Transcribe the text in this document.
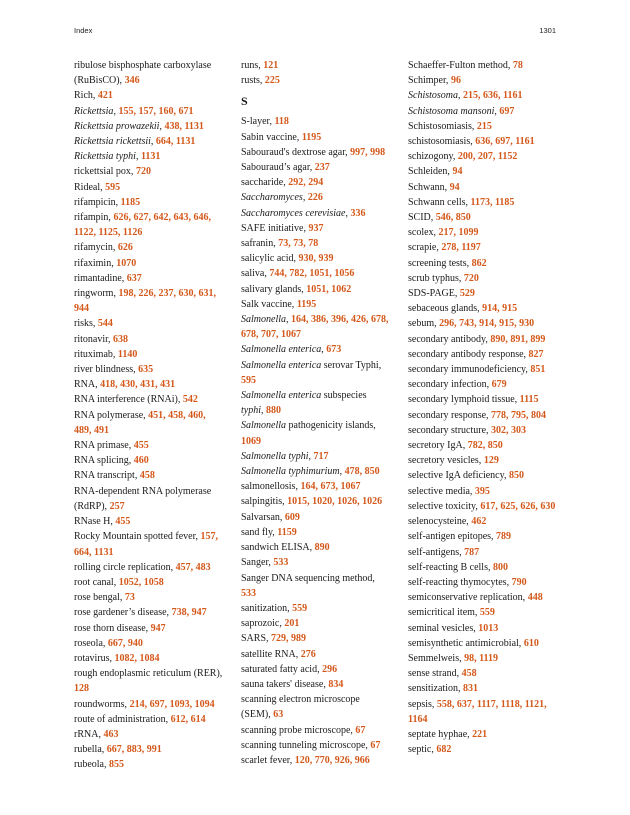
Index	1301
ribulose bisphosphate carboxylase (RuBisCO), 346
Rich, 421
Rickettsia, 155, 157, 160, 671
Rickettsia prowazekii, 438, 1131
Rickettsia rickettsii, 664, 1131
Rickettsia typhi, 1131
rickettsial pox, 720
Rideal, 595
rifampicin, 1185
rifampin, 626, 627, 642, 643, 646, 1122, 1125, 1126
rifamycin, 626
rifaximin, 1070
rimantadine, 637
ringworm, 198, 226, 237, 630, 631, 944
risks, 544
ritonavir, 638
rituximab, 1140
river blindness, 635
RNA, 418, 430, 431, 431
RNA interference (RNAi), 542
RNA polymerase, 451, 458, 460, 489, 491
RNA primase, 455
RNA splicing, 460
RNA transcript, 458
RNA-dependent RNA polymerase (RdRP), 257
RNase H, 455
Rocky Mountain spotted fever, 157, 664, 1131
rolling circle replication, 457, 483
root canal, 1052, 1058
rose bengal, 73
rose gardener’s disease, 738, 947
rose thorn disease, 947
roseola, 667, 940
rotavirus, 1082, 1084
rough endoplasmic reticulum (RER), 128
roundworms, 214, 697, 1093, 1094
route of administration, 612, 614
rRNA, 463
rubella, 667, 883, 991
rubeola, 855
runs, 121
rusts, 225
S
S-layer, 118
Sabin vaccine, 1195
Sabouraud's dextrose agar, 997, 998
Sabouraud’s agar, 237
saccharide, 292, 294
Saccharomyces, 226
Saccharomyces cerevisiae, 336
SAFE initiative, 937
safranin, 73, 73, 78
salicylic acid, 930, 939
saliva, 744, 782, 1051, 1056
salivary glands, 1051, 1062
Salk vaccine, 1195
Salmonella, 164, 386, 396, 426, 678, 678, 707, 1067
Salmonella enterica, 673
Salmonella enterica serovar Typhi, 595
Salmonella enterica subspecies typhi, 880
Salmonella pathogenicity islands, 1069
Salmonella typhi, 717
Salmonella typhimurium, 478, 850
salmonellosis, 164, 673, 1067
salpingitis, 1015, 1020, 1026, 1026
Salvarsan, 609
sand fly, 1159
sandwich ELISA, 890
Sanger, 533
Sanger DNA sequencing method, 533
sanitization, 559
saprozoic, 201
SARS, 729, 989
satellite RNA, 276
saturated fatty acid, 296
sauna takers' disease, 834
scanning electron microscope (SEM), 63
scanning probe microscope, 67
scanning tunneling microscope, 67
scarlet fever, 120, 770, 926, 966
Schaeffer-Fulton method, 78
Schimper, 96
Schistosoma, 215, 636, 1161
Schistosoma mansoni, 697
Schistosomiasis, 215
schistosomiasis, 636, 697, 1161
schizogony, 200, 207, 1152
Schleiden, 94
Schwann, 94
Schwann cells, 1173, 1185
SCID, 546, 850
scolex, 217, 1099
scrapie, 278, 1197
screening tests, 862
scrub typhus, 720
SDS-PAGE, 529
sebaceous glands, 914, 915
sebum, 296, 743, 914, 915, 930
secondary antibody, 890, 891, 899
secondary antibody response, 827
secondary immunodeficiency, 851
secondary infection, 679
secondary lymphoid tissue, 1115
secondary response, 778, 795, 804
secondary structure, 302, 303
secretory IgA, 782, 850
secretory vesicles, 129
selective IgA deficiency, 850
selective media, 395
selective toxicity, 617, 625, 626, 630
selenocysteine, 462
self-antigen epitopes, 789
self-antigens, 787
self-reacting B cells, 800
self-reacting thymocytes, 790
semiconservative replication, 448
semicritical item, 559
seminal vesicles, 1013
semisynthetic antimicrobial, 610
Semmelweis, 98, 1119
sense strand, 458
sensitization, 831
sepsis, 558, 637, 1117, 1118, 1121, 1164
septate hyphae, 221
septic, 682
